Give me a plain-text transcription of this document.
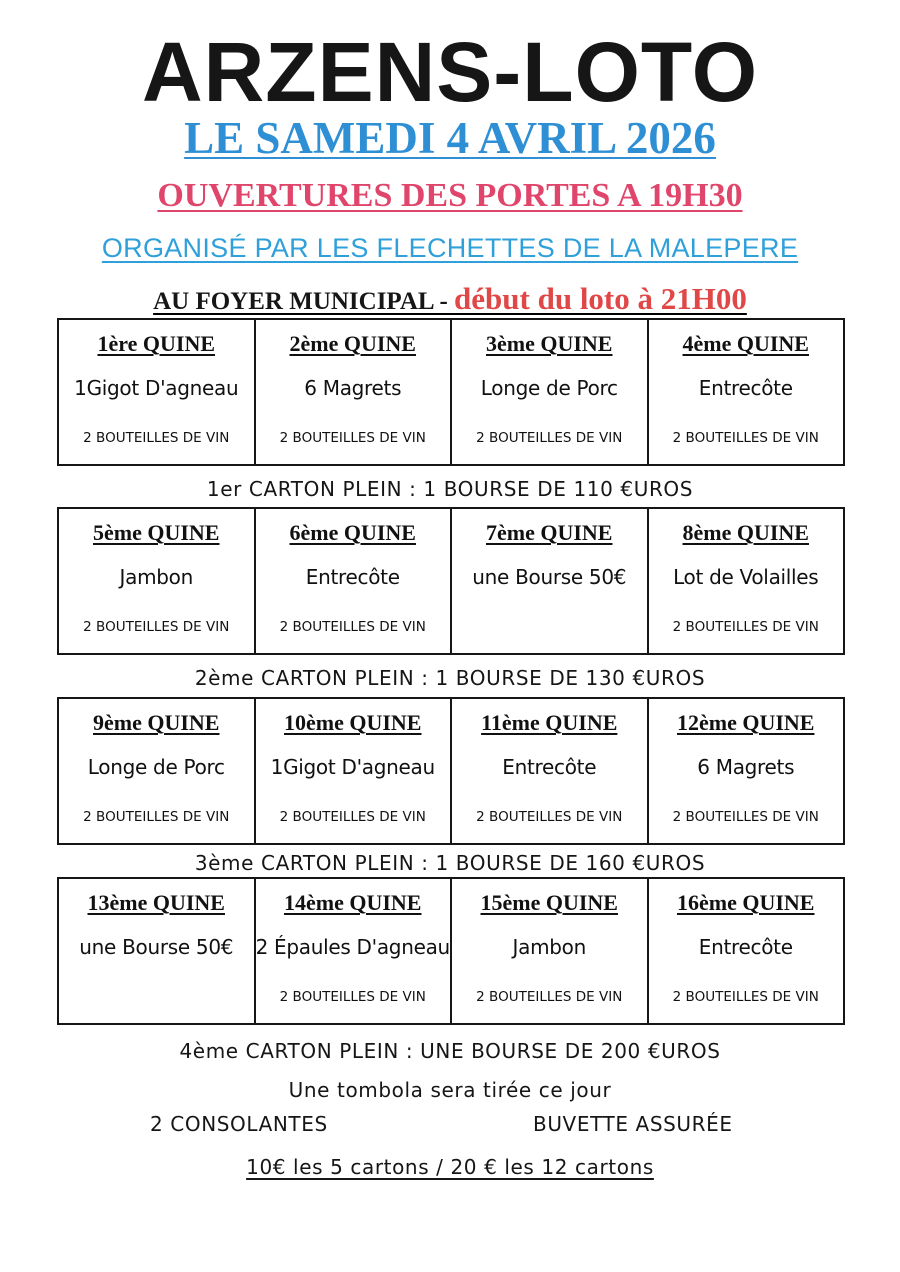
ARZENS-LOTO
LE SAMEDI 4 AVRIL 2026
OUVERTURES DES PORTES A 19H30
ORGANISÉ PAR LES FLECHETTES DE LA MALEPERE
AU FOYER MUNICIPAL - début du loto à 21H00
1ère QUINE
1Gigot D'agneau
2 BOUTEILLES DE VIN
2ème QUINE
6 Magrets
2 BOUTEILLES DE VIN
3ème QUINE
Longe de Porc
2 BOUTEILLES DE VIN
4ème QUINE
Entrecôte
2 BOUTEILLES DE VIN
1er CARTON PLEIN : 1 BOURSE DE 110 €UROS
5ème QUINE
Jambon
2 BOUTEILLES DE VIN
6ème QUINE
Entrecôte
2 BOUTEILLES DE VIN
7ème QUINE
une Bourse 50€
8ème QUINE
Lot de Volailles
2 BOUTEILLES DE VIN
2ème CARTON PLEIN : 1 BOURSE DE 130 €UROS
9ème QUINE
Longe de Porc
2 BOUTEILLES DE VIN
10ème QUINE
1Gigot D'agneau
2 BOUTEILLES DE VIN
11ème QUINE
Entrecôte
2 BOUTEILLES DE VIN
12ème QUINE
6 Magrets
2 BOUTEILLES DE VIN
3ème CARTON PLEIN : 1 BOURSE DE 160 €UROS
13ème QUINE
une Bourse 50€
14ème QUINE
2 Épaules D'agneau
2 BOUTEILLES DE VIN
15ème QUINE
Jambon
2 BOUTEILLES DE VIN
16ème QUINE
Entrecôte
2 BOUTEILLES DE VIN
4ème CARTON PLEIN : UNE BOURSE DE 200 €UROS
Une tombola sera tirée ce jour
2 CONSOLANTES	BUVETTE ASSURÉE
10€ les 5 cartons / 20 € les 12 cartons
